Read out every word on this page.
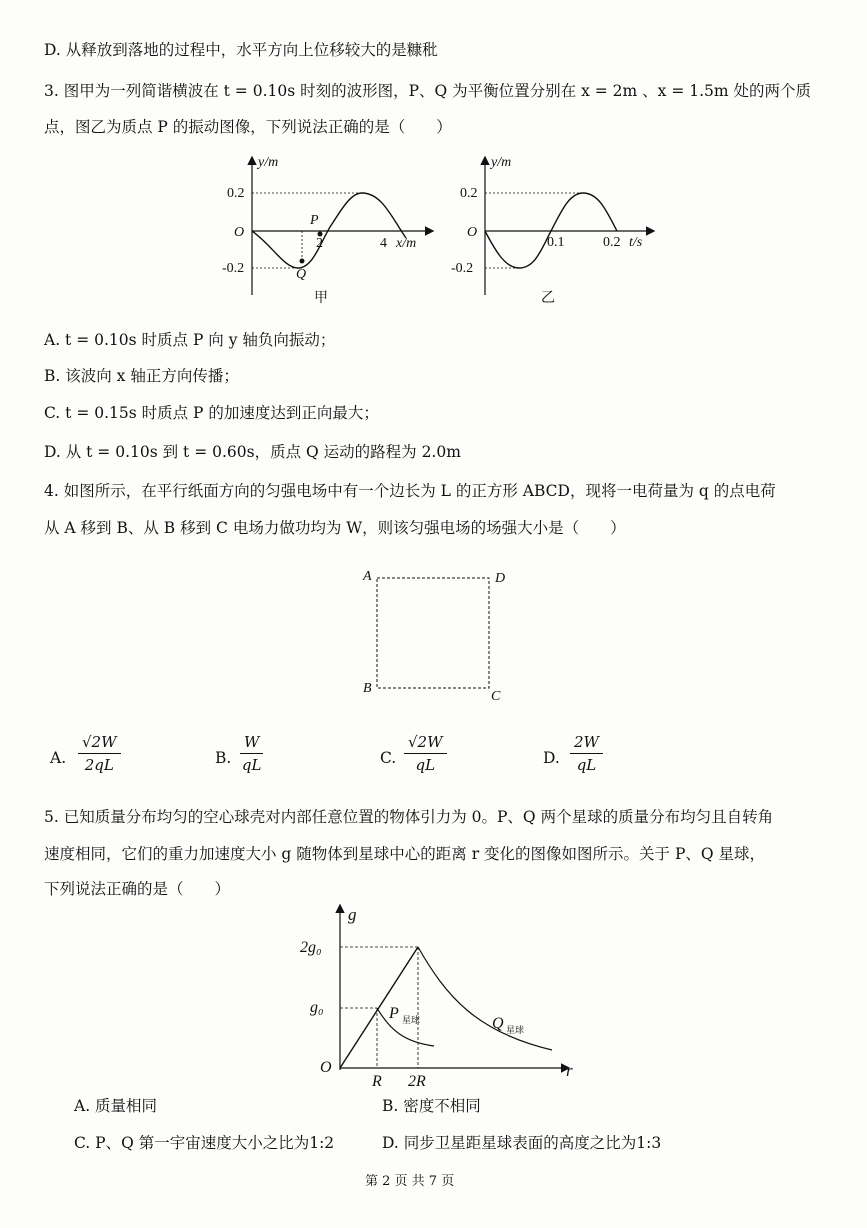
D. 从释放到落地的过程中，水平方向上位移较大的是糠秕
3. 图甲为一列简谐横波在 t = 0.10s 时刻的波形图，P、Q 为平衡位置分别在 x = 2m 、x = 1.5m 处的两个质
点，图乙为质点 P 的振动图像，下列说法正确的是（　　）
y/m
0.2
-0.2
O
2	4 x/m
P
Q
甲
y/m
0.2
-0.2
O
0.1	0.2 t/s
乙
A. t = 0.10s 时质点 P 向 y 轴负向振动；
B. 该波向 x 轴正方向传播；
C. t = 0.15s 时质点 P 的加速度达到正向最大；
D. 从 t = 0.10s 到 t = 0.60s，质点 Q 运动的路程为 2.0m
4. 如图所示，在平行纸面方向的匀强电场中有一个边长为 L 的正方形 ABCD，现将一电荷量为 q 的点电荷
从 A 移到 B、从 B 移到 C 电场力做功均为 W，则该匀强电场的场强大小是（　　）
A	D
B
C
A. $\frac{√2W}{2qL}$	B. $\frac{W}{qL}$	C. $\frac{√2W}{qL}$	D. $\frac{2W}{qL}$
5. 已知质量分布均匀的空心球壳对内部任意位置的物体引力为 0。P、Q 两个星球的质量分布均匀且自转角
速度相同，它们的重力加速度大小 g 随物体到星球中心的距离 r 变化的图像如图所示。关于 P、Q 星球，
下列说法正确的是（　　）
g
2g₀
g₀
O
R 2R
r
P 星球	Q 星球
A. 质量相同	B. 密度不相同
C. P、Q 第一宇宙速度大小之比为1:2	D. 同步卫星距星球表面的高度之比为1:3
第 2 页 共 7 页
